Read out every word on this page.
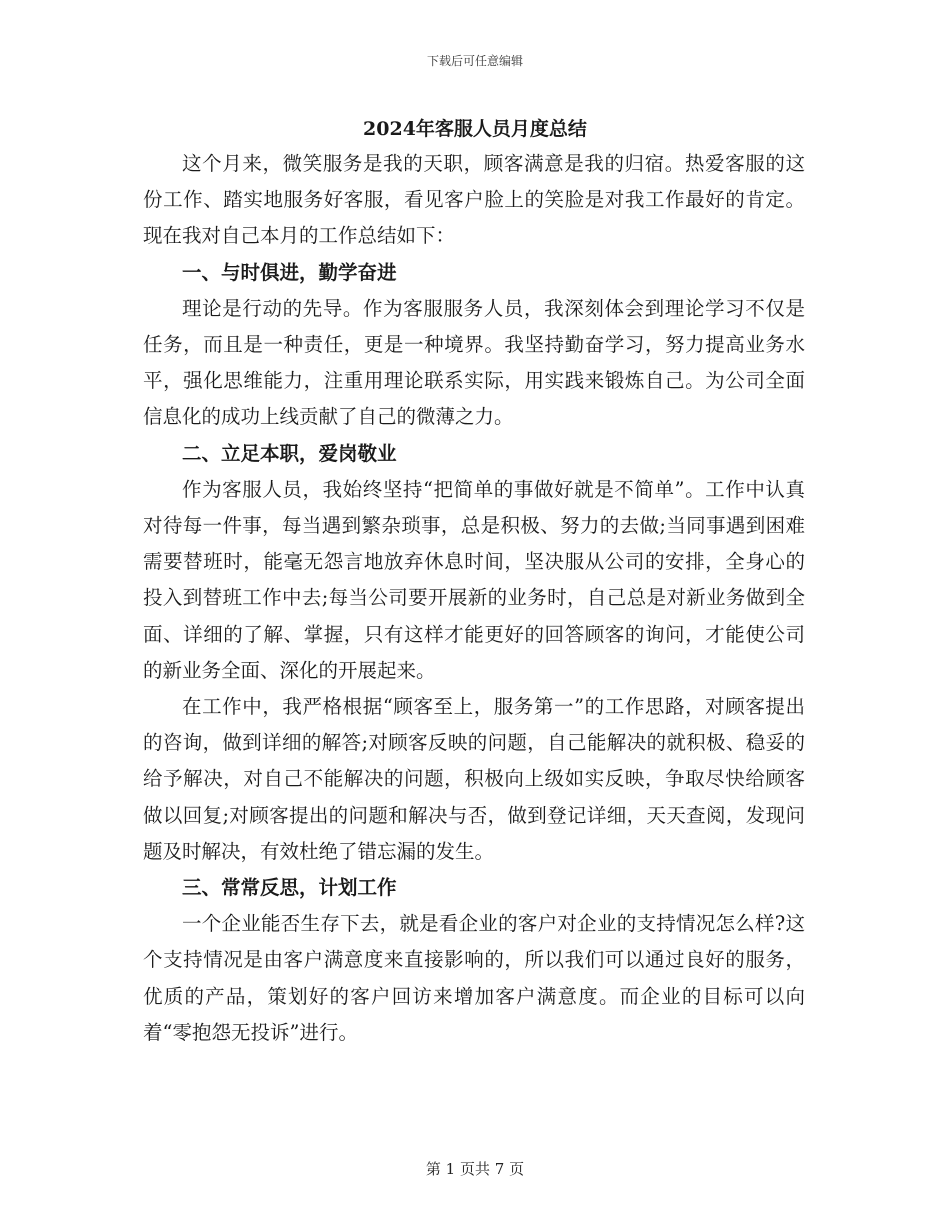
下载后可任意编辑
2024年客服人员月度总结

这个月来，微笑服务是我的天职，顾客满意是我的归宿。热爱客服的这份工作、踏实地服务好客服，看见客户脸上的笑脸是对我工作最好的肯定。现在我对自己本月的工作总结如下：

一、与时俱进，勤学奋进

理论是行动的先导。作为客服服务人员，我深刻体会到理论学习不仅是任务，而且是一种责任，更是一种境界。我坚持勤奋学习，努力提高业务水平，强化思维能力，注重用理论联系实际，用实践来锻炼自己。为公司全面信息化的成功上线贡献了自己的微薄之力。

二、立足本职，爱岗敬业

作为客服人员，我始终坚持“把简单的事做好就是不简单”。工作中认真对待每一件事，每当遇到繁杂琐事，总是积极、努力的去做;当同事遇到困难需要替班时，能毫无怨言地放弃休息时间，坚决服从公司的安排，全身心的投入到替班工作中去;每当公司要开展新的业务时，自己总是对新业务做到全面、详细的了解、掌握，只有这样才能更好的回答顾客的询问，才能使公司的新业务全面、深化的开展起来。

在工作中，我严格根据“顾客至上，服务第一”的工作思路，对顾客提出的咨询，做到详细的解答;对顾客反映的问题，自己能解决的就积极、稳妥的给予解决，对自己不能解决的问题，积极向上级如实反映，争取尽快给顾客做以回复;对顾客提出的问题和解决与否，做到登记详细，天天查阅，发现问题及时解决，有效杜绝了错忘漏的发生。

三、常常反思，计划工作

一个企业能否生存下去，就是看企业的客户对企业的支持情况怎么样?这个支持情况是由客户满意度来直接影响的，所以我们可以通过良好的服务，优质的产品，策划好的客户回访来增加客户满意度。而企业的目标可以向着“零抱怨无投诉”进行。

第 1 页共 7 页
